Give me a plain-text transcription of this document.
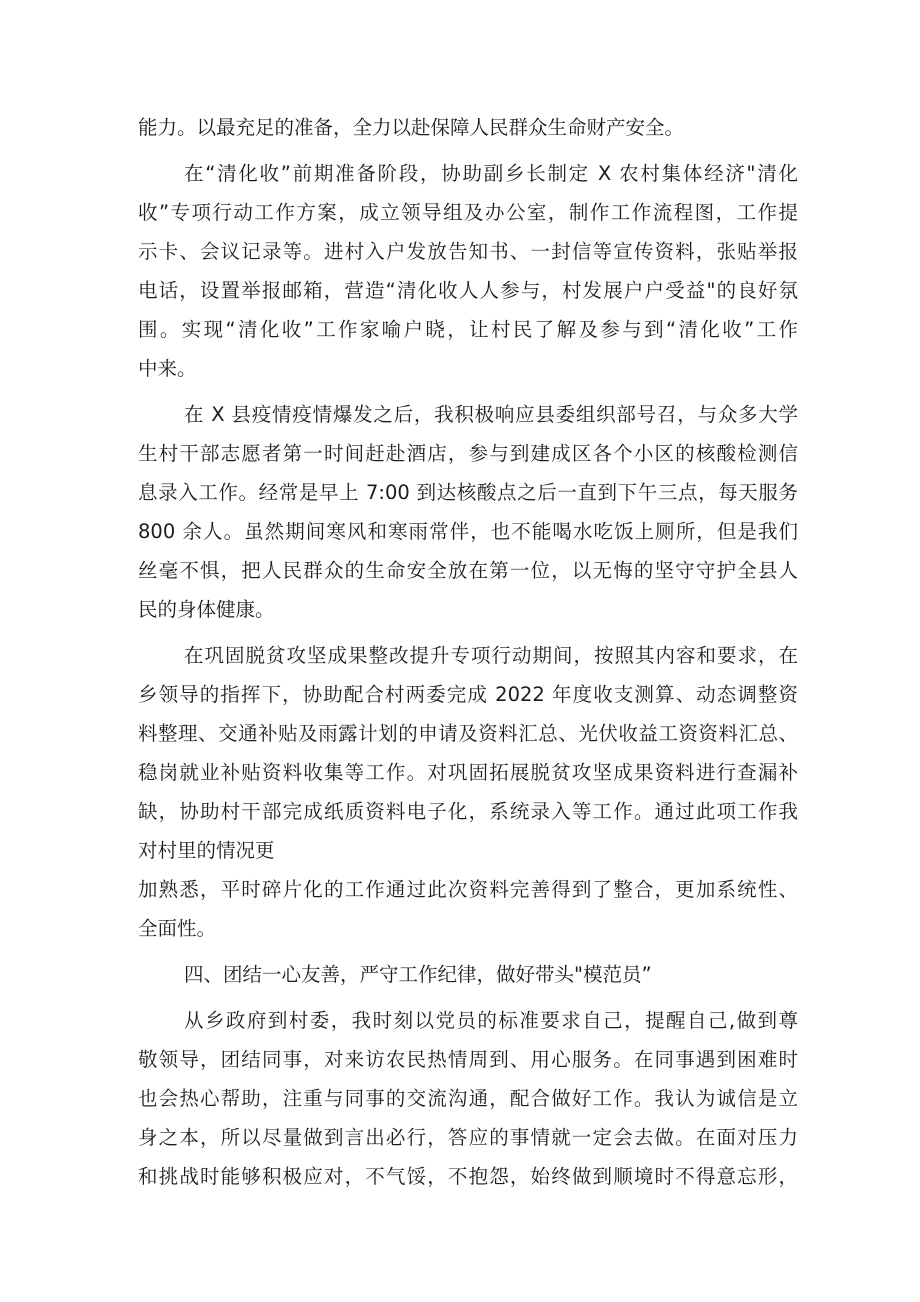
能力。以最充足的准备，全力以赴保障人民群众生命财产安全。
在“清化收”前期准备阶段，协助副乡长制定 X 农村集体经济"清化
收”专项行动工作方案，成立领导组及办公室，制作工作流程图，工作提
示卡、会议记录等。进村入户发放告知书、一封信等宣传资料，张贴举报
电话，设置举报邮箱，营造“清化收人人参与，村发展户户受益"的良好氛
围。实现“清化收”工作家喻户晓，让村民了解及参与到“清化收”工作
中来。
在 X 县疫情疫情爆发之后，我积极响应县委组织部号召，与众多大学
生村干部志愿者第一时间赶赴酒店，参与到建成区各个小区的核酸检测信
息录入工作。经常是早上 7:00 到达核酸点之后一直到下午三点，每天服务
800 余人。虽然期间寒风和寒雨常伴，也不能喝水吃饭上厕所，但是我们
丝毫不惧，把人民群众的生命安全放在第一位，以无悔的坚守守护全县人
民的身体健康。
在巩固脱贫攻坚成果整改提升专项行动期间，按照其内容和要求，在
乡领导的指挥下，协助配合村两委完成 2022 年度收支测算、动态调整资
料整理、交通补贴及雨露计划的申请及资料汇总、光伏收益工资资料汇总、
稳岗就业补贴资料收集等工作。对巩固拓展脱贫攻坚成果资料进行查漏补
缺，协助村干部完成纸质资料电子化，系统录入等工作。通过此项工作我
对村里的情况更
加熟悉，平时碎片化的工作通过此次资料完善得到了整合，更加系统性、
全面性。
四、团结一心友善，严守工作纪律，做好带头"模范员”
从乡政府到村委，我时刻以党员的标准要求自己，提醒自己,做到尊
敬领导，团结同事，对来访农民热情周到、用心服务。在同事遇到困难时
也会热心帮助，注重与同事的交流沟通，配合做好工作。我认为诚信是立
身之本，所以尽量做到言出必行，答应的事情就一定会去做。在面对压力
和挑战时能够积极应对，不气馁，不抱怨，始终做到顺境时不得意忘形，
